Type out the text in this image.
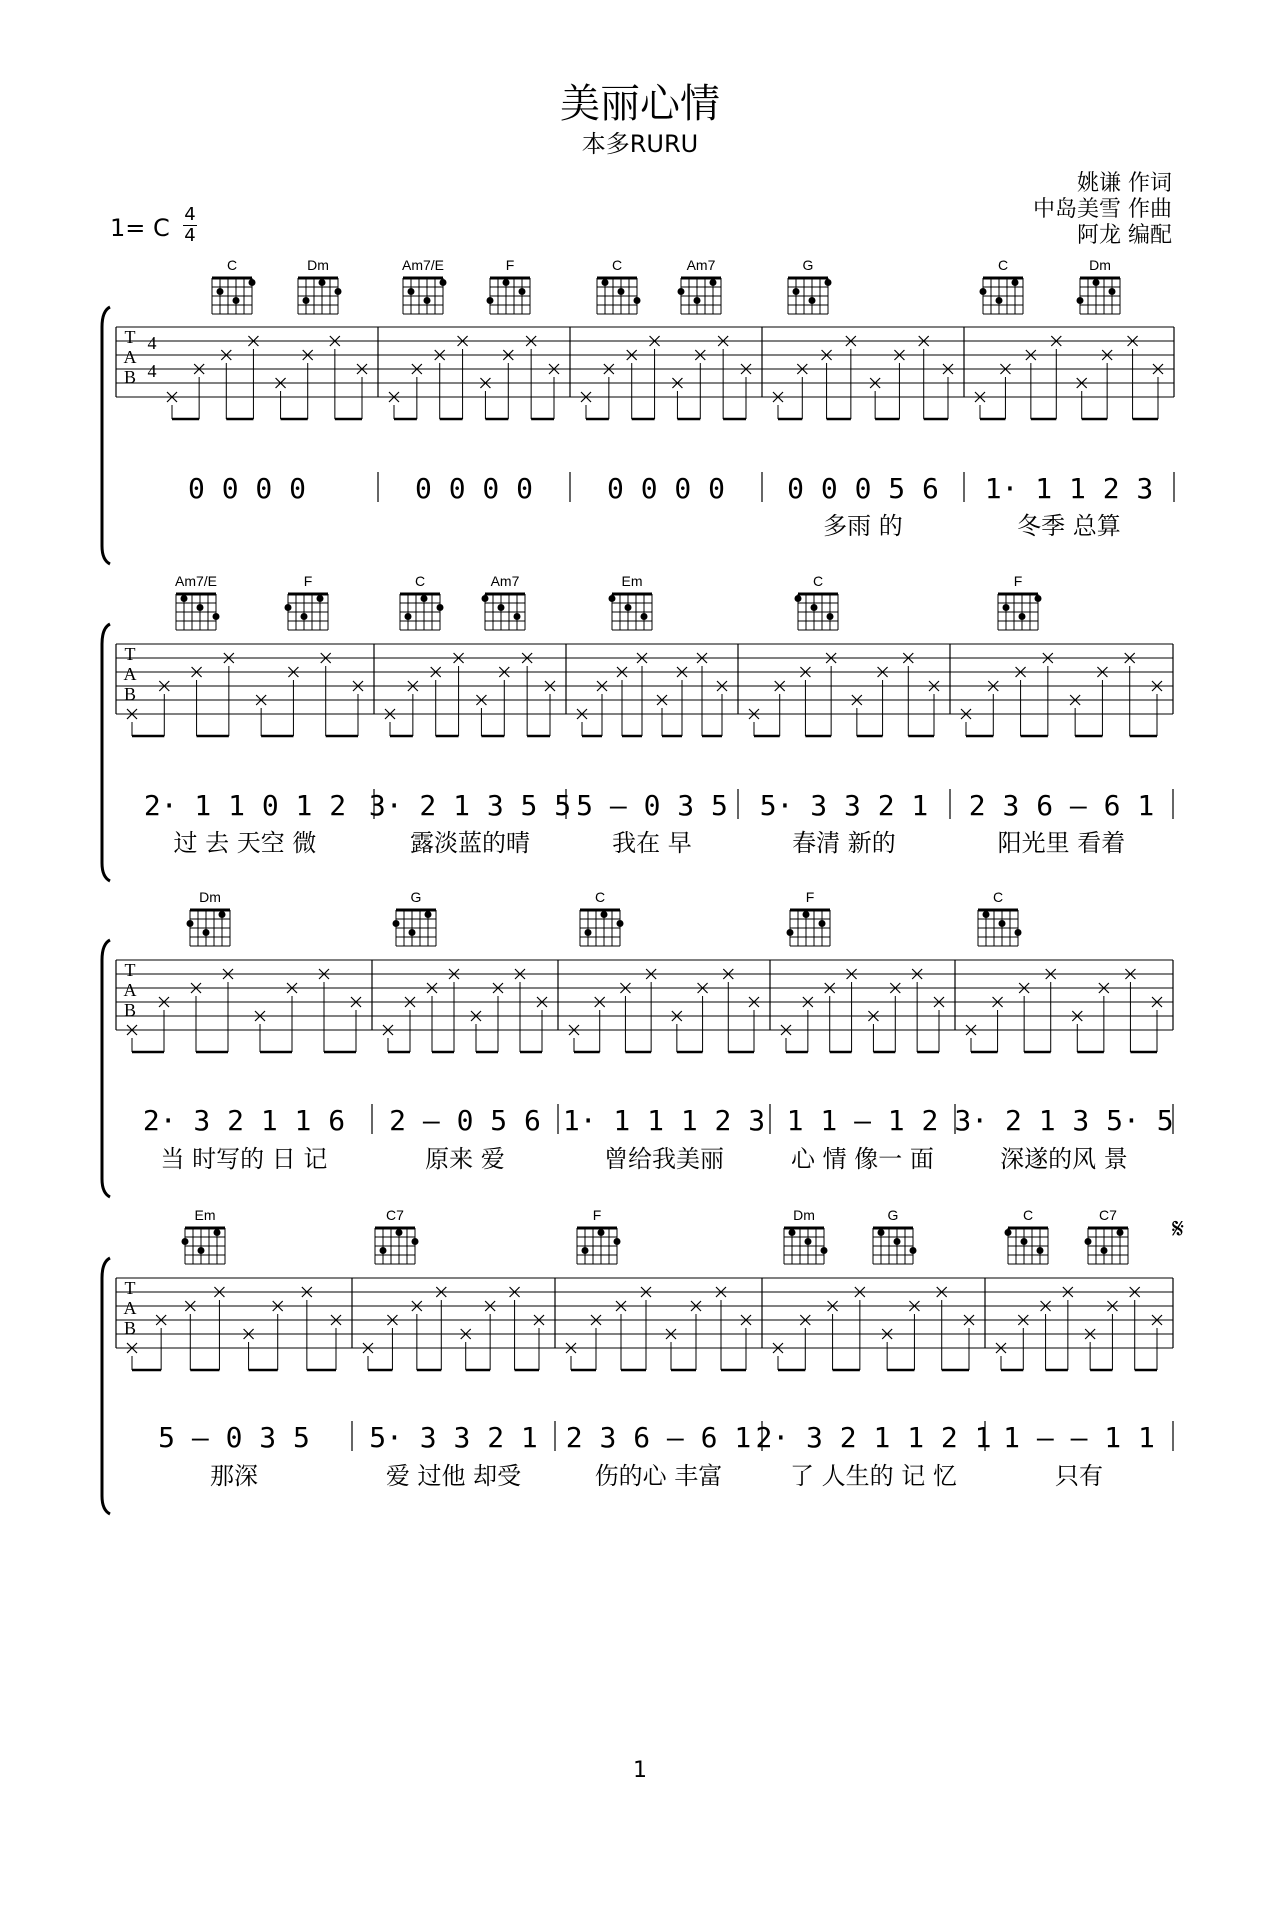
美丽心情
本多RURU
姚谦 作词
中岛美雪 作曲
阿龙 编配
1= C 4
4
T
A
B
4
4
C	Dm	Am7/E	F	C	Am7	G	C	Dm
0 0 0 0	0 0 0 0	0 0 0 0 0 0 0 5 6
多雨 的
1· 1 1 2 3
冬季 总算
T
A
B
Am7/E	F	C	Am7	Em	C	F
2· 1 1 0 1 2
过 去 天空 微
3· 2 1 3 5 5
露淡蓝的晴
5 – 0 3 5
我在 早
5· 3 3 2 1
春清 新的
2 3 6 – 6 1
阳光里 看着
T
A
B
Dm	G	C	F	C
2· 3 2 1 1 6
当 时写的 日 记
2 – 0 5 6
原来 爱
1· 1 1 1 2 3
曾给我美丽
1 1 – 1 2
心 情 像一 面
3· 2 1 3 5· 5
深遂的风 景
T
A
B
Em	C7	F	Dm	G	C	C7
5 – 0 3 5
那深
5· 3 3 2 1
爱 过他 却受
2 3 6 – 6 1
伤的心 丰富
2· 3 2 1 1 2 1
了 人生的 记 忆
1 – – 1 1
只有
𝄋
1
